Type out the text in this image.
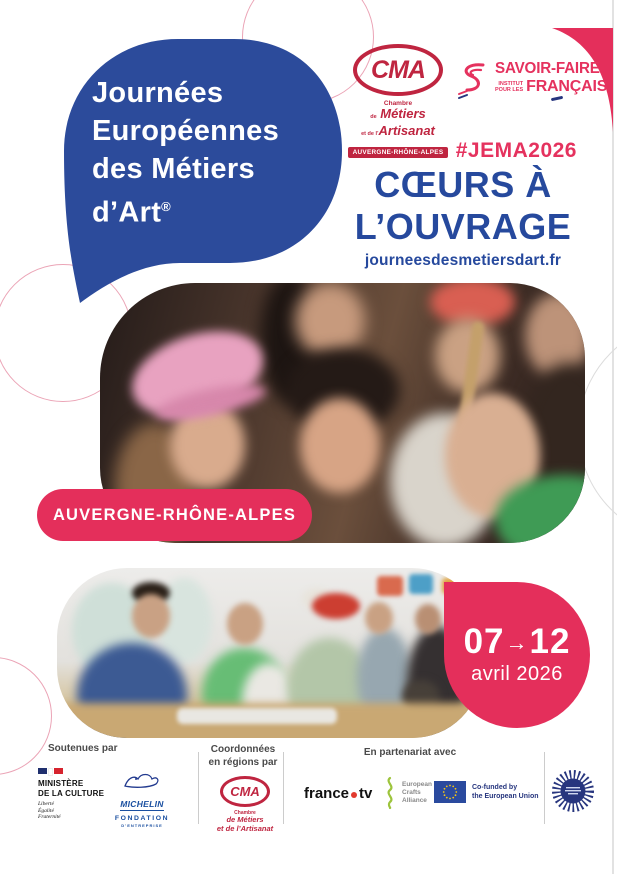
Journées
Européennes
des Métiers
d’Art®
CMA
Chambre
de Métiers
et de l’Artisanat
AUVERGNE-RHÔNE-ALPES
SAVOIR-FAIRE
INSTITUT
POUR LES FRANÇAIS
#JEMA2026
CŒURS À
L’OUVRAGE
journeesdesmetiersdart.fr
AUVERGNE-RHÔNE-ALPES
07→12
avril 2026
Soutenues par
MINISTÈRE
DE LA CULTURE
Liberté
Égalité
Fraternité
MICHELIN
FONDATION
D’ENTREPRISE
Coordonnées
en régions par
CMA
Chambre
de Métiers
et de l’Artisanat
En partenariat avec
france tv
European
Crafts
Alliance
Co-funded by
the European Union
